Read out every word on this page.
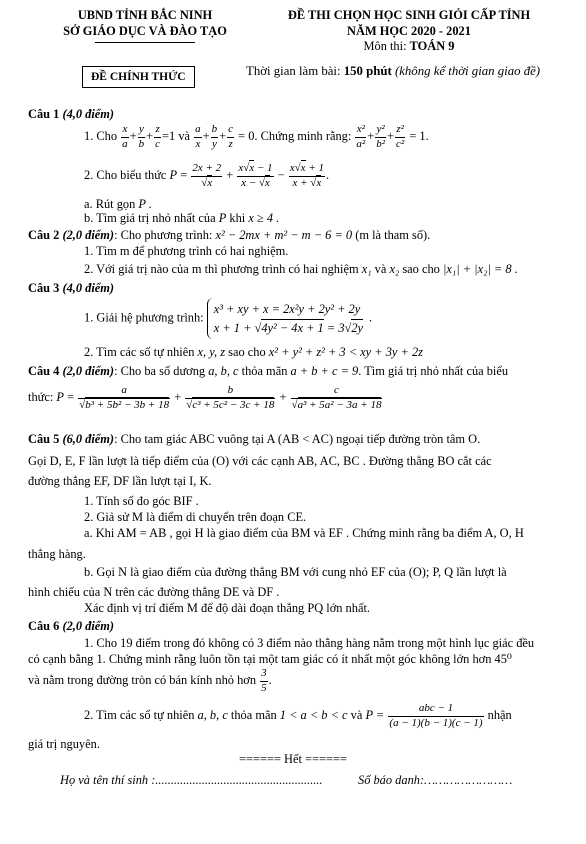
UBND TỈNH BẮC NINH
SỞ GIÁO DỤC VÀ ĐÀO TẠO
ĐỀ CHÍNH THỨC
ĐỀ THI CHỌN HỌC SINH GIỎI CẤP TỈNH
NĂM HỌC 2020 - 2021
Môn thi: TOÁN 9
Thời gian làm bài: 150 phút (không kể thời gian giao đề)
Câu 1 (4,0 điểm)
1. Cho $\frac{x}{a} + \frac{y}{b} + \frac{z}{c} =1$ và $\frac{a}{x} + \frac{b}{y} + \frac{c}{z} = 0$. Chứng minh rằng: $\frac{\text{x²}}{\text{a²}} + \frac{\text{y²}}{\text{b²}} + \frac{\text{z²}}{\text{c²}} = 1$.
2. Cho biểu thức $P = \frac{2x + 2}{√x} + \frac{x√x - 1}{x - √x} - \frac{x√x + 1}{x + √x}$ .
a. Rút gọn P .
b. Tìm giá trị nhỏ nhất của P khi x ≥ 4 .
Câu 2 (2,0 điểm): Cho phương trình: x² − 2mx + m² − m − 6 = 0 (m là tham số).
1. Tìm m để phương trình có hai nghiệm.
2. Với giá trị nào của m thì phương trình có hai nghiệm x₁ và x₂ sao cho |x₁| + |x₂| = 8 .
Câu 3 (4,0 điểm)
1. Giải hệ phương trình: x³ + xy + x = 2x²y + 2y² + 2y
x + 1 + √4y² − 4x + 1 = 3√2y.
2. Tìm các số tự nhiên x, y, z sao cho x² + y² + z² + 3 < xy + 3y + 2z
Câu 4 (2,0 điểm): Cho ba số dương a, b, c thỏa mãn a + b + c = 9. Tìm giá trị nhỏ nhất của biểu
thức: $P = \frac{a}{\text{√b³ + 5b² − 3b + 18}} + \frac{b}{\text{√c³ + 5c² − 3c + 18}} + \frac{c}{\text{√a³ + 5a² − 3a + 18}}$
Câu 5 (6,0 điểm): Cho tam giác ABC vuông tại A (AB < AC) ngoại tiếp đường tròn tâm O.
Gọi D, E, F lần lượt là tiếp điểm của (O) với các cạnh AB, AC, BC . Đường thẳng BO cắt các
đường thẳng EF, DF lần lượt tại I, K.
1. Tính số đo góc BIF .
2. Giả sử M là điểm di chuyển trên đoạn CE.
a. Khi AM = AB , gọi H là giao điểm của BM và EF . Chứng minh rằng ba điểm A, O, H
thẳng hàng.
b. Gọi N là giao điểm của đường thẳng BM với cung nhỏ EF của (O); P, Q lần lượt là
hình chiếu của N trên các đường thẳng DE và DF .
Xác định vị trí điểm M để độ dài đoạn thẳng PQ lớn nhất.
Câu 6 (2,0 điểm)
1. Cho 19 điểm trong đó không có 3 điểm nào thẳng hàng nằm trong một hình lục giác đều
có cạnh bằng 1. Chứng minh rằng luôn tồn tại một tam giác có ít nhất một góc không lớn hơn 45⁰
và nằm trong đường tròn có bán kính nhỏ hơn $\frac{3}{5}$ .
2. Tìm các số tự nhiên a, b, c thỏa mãn 1 < a < b < c và $P = \frac{\text{abc − 1}}{(a - 1)(b - 1)(c - 1)}$ nhận
giá trị nguyên.
====== Hết ======
Họ và tên thí sinh :......................................................	Số báo danh:……………………
